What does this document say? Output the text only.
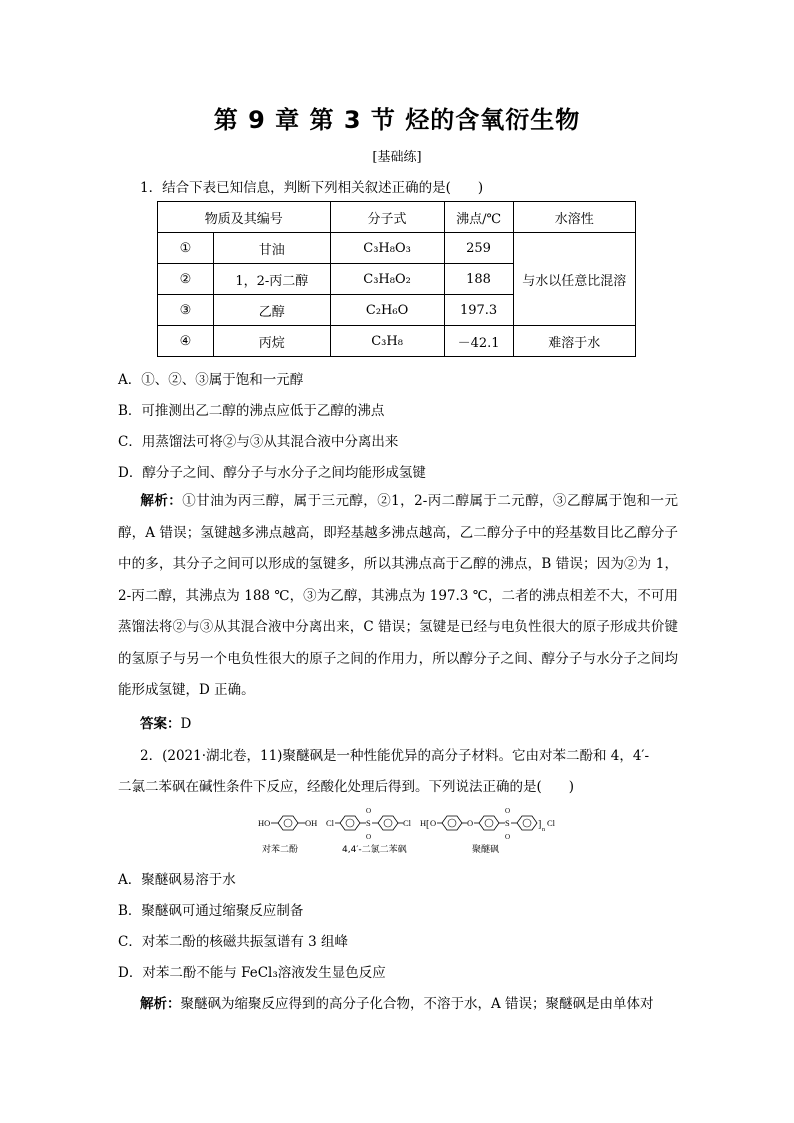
第 9 章 第 3 节 烃的含氧衍生物
[基础练]
1．结合下表已知信息，判断下列相关叙述正确的是(　　)
物质及其编号		分子式	沸点/℃	水溶性
①	甘油	C₃H₈O₃	259	与水以任意比混溶
②	1，2-丙二醇	C₃H₈O₂	188	
③	乙醇	C₂H₆O	197.3	
④	丙烷	C₃H₈	－42.1	难溶于水
A．①、②、③属于饱和一元醇
B．可推测出乙二醇的沸点应低于乙醇的沸点
C．用蒸馏法可将②与③从其混合液中分离出来
D．醇分子之间、醇分子与水分子之间均能形成氢键
解析：①甘油为丙三醇，属于三元醇，②1，2-丙二醇属于二元醇，③乙醇属于饱和一元醇，A 错误；氢键越多沸点越高，即羟基越多沸点越高，乙二醇分子中的羟基数目比乙醇分子中的多，其分子之间可以形成的氢键多，所以其沸点高于乙醇的沸点，B 错误；因为②为 1，2-丙二醇，其沸点为 188 ℃，③为乙醇，其沸点为 197.3 ℃，二者的沸点相差不大，不可用蒸馏法将②与③从其混合液中分离出来，C 错误；氢键是已经与电负性很大的原子形成共价键的氢原子与另一个电负性很大的原子之间的作用力，所以醇分子之间、醇分子与水分子之间均能形成氢键，D 正确。
答案：D
2．(2021·湖北卷，11)聚醚砜是一种性能优异的高分子材料。它由对苯二酚和 4，4′-
二氯二苯砜在碱性条件下反应，经酸化处理后得到。下列说法正确的是(　　)
HO	OH Cl	S
O
O
Cl H [ O	O	S
O
O
] n
Cl
对苯二酚	4,4′-二氯二苯砜	聚醚砜
A．聚醚砜易溶于水
B．聚醚砜可通过缩聚反应制备
C．对苯二酚的核磁共振氢谱有 3 组峰
D．对苯二酚不能与 FeCl₃溶液发生显色反应
解析：聚醚砜为缩聚反应得到的高分子化合物，不溶于水，A 错误；聚醚砜是由单体对
